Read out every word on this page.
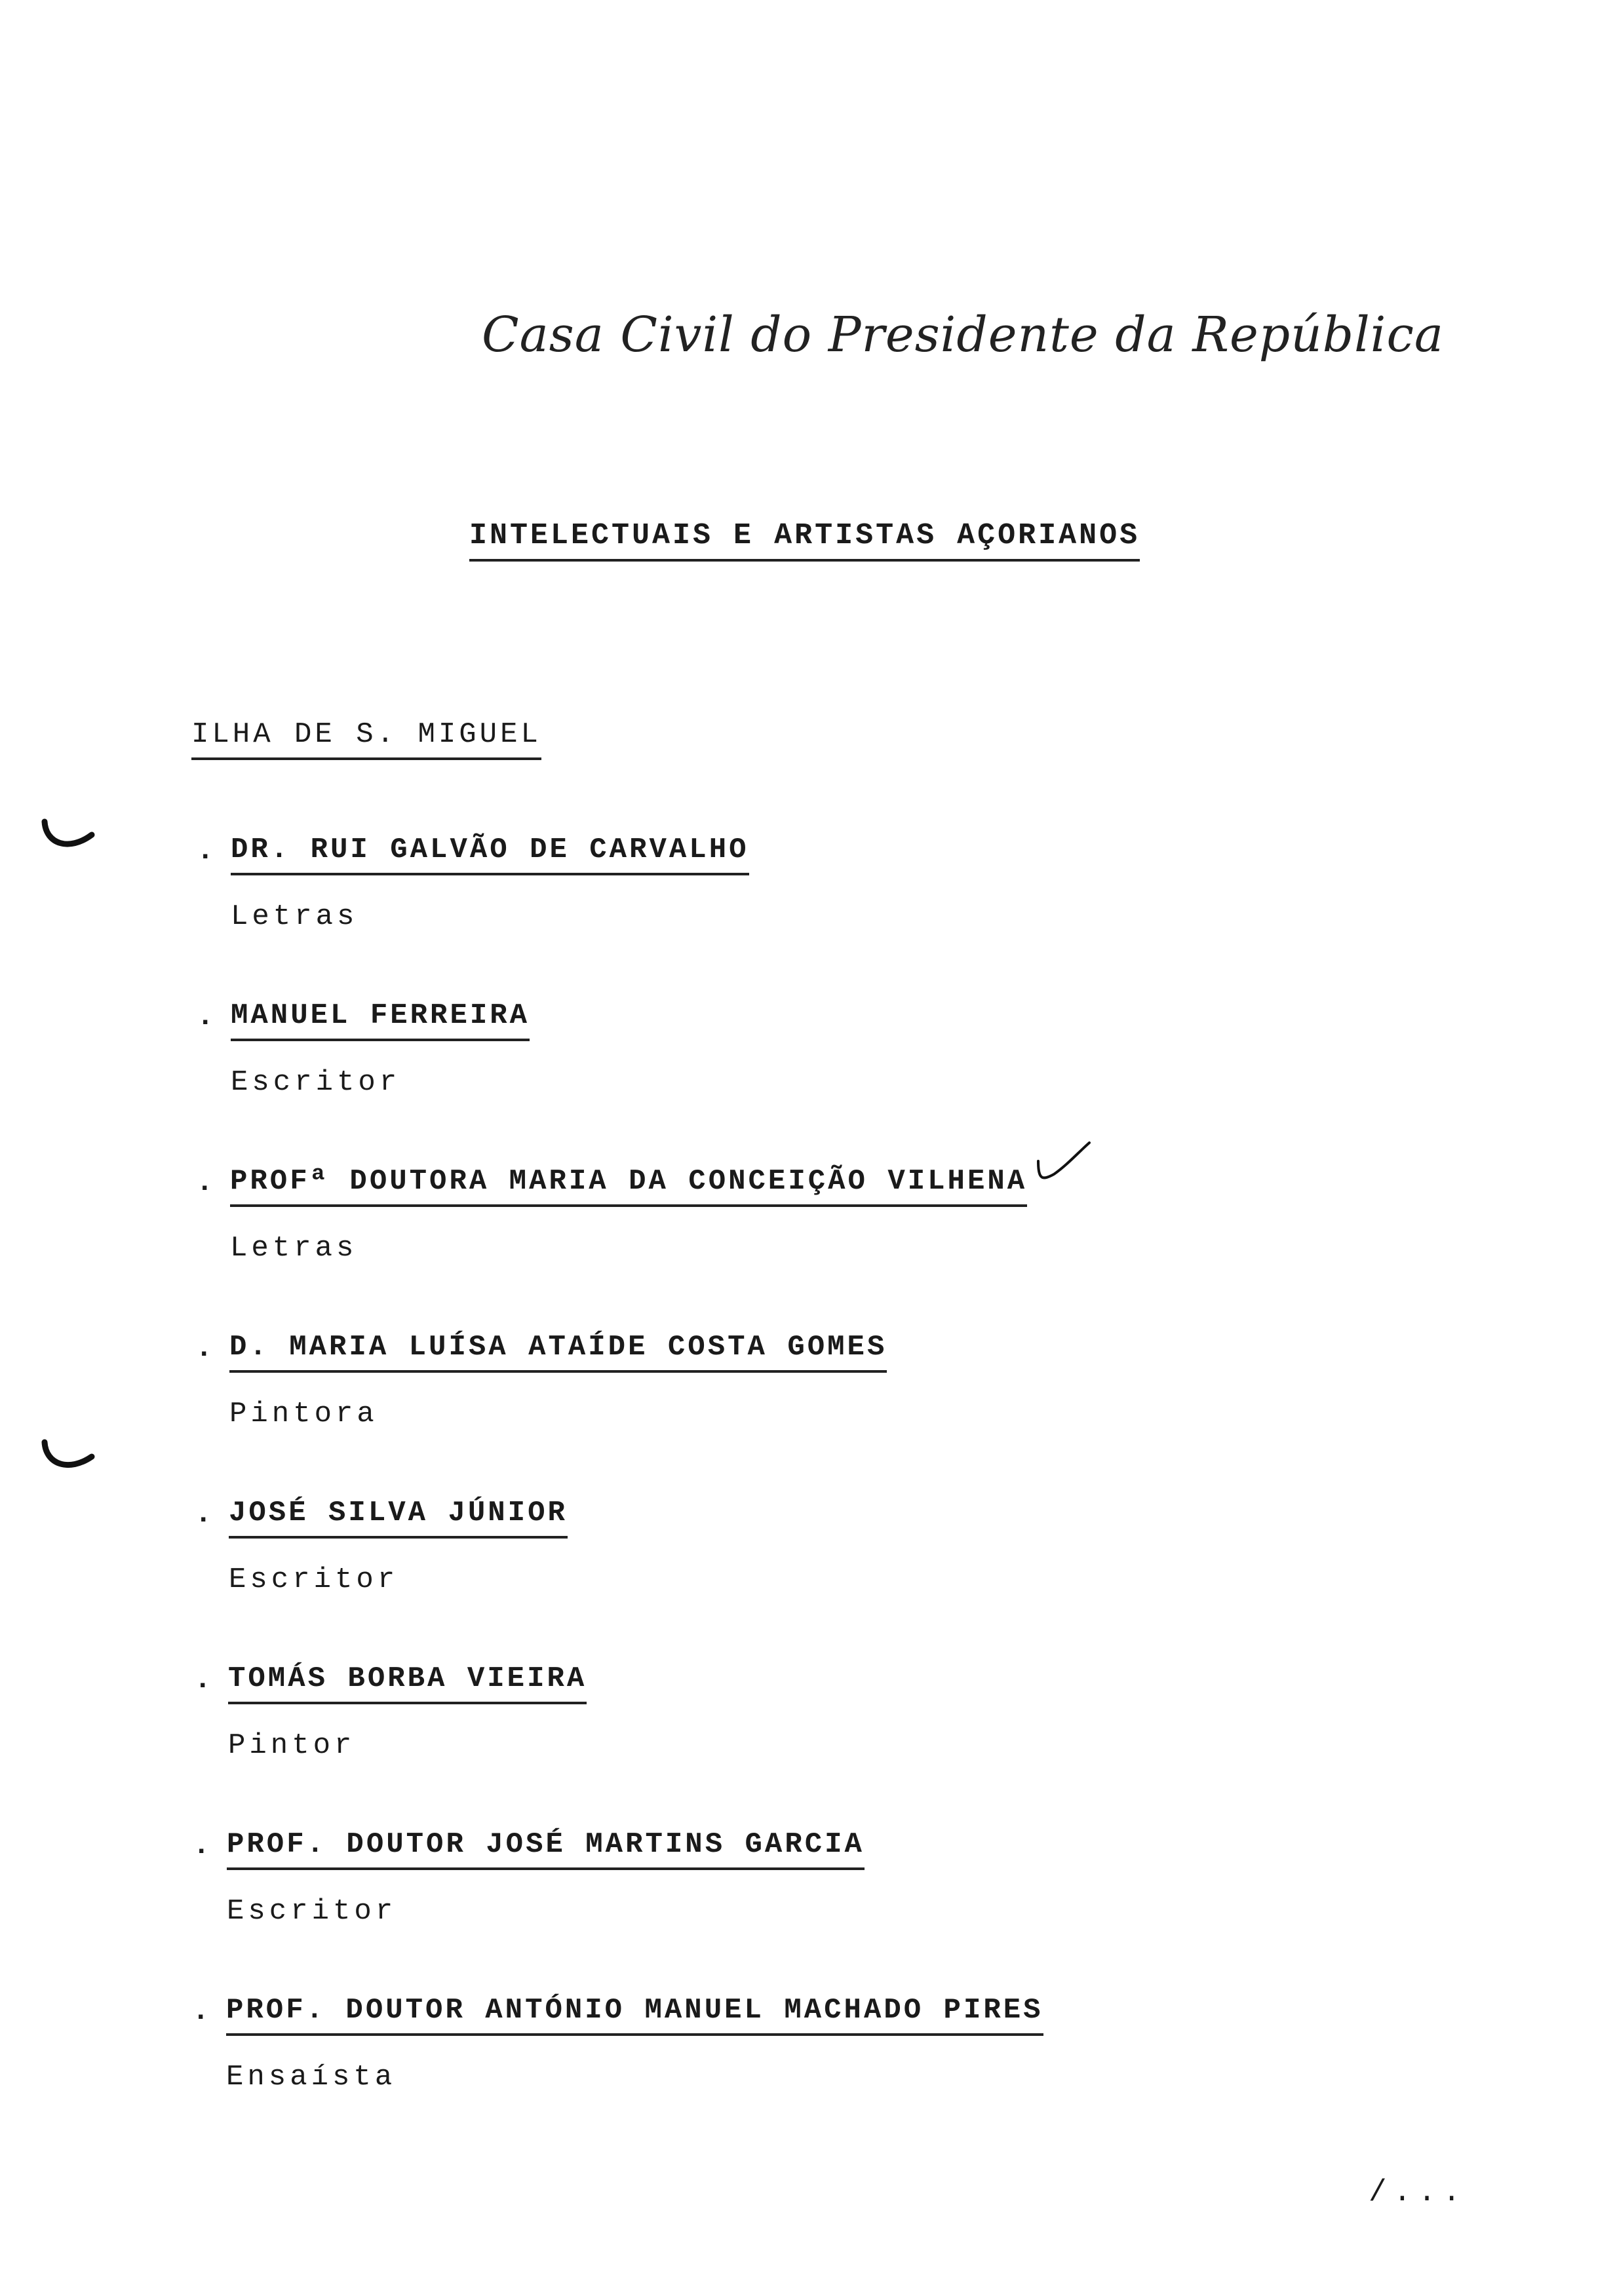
Casa Civil do Presidente da República
INTELECTUAIS E ARTISTAS AÇORIANOS
ILHA DE S. MIGUEL
. DR. RUI GALVÃO DE CARVALHO
Letras
. MANUEL FERREIRA
Escritor
. PROFª DOUTORA MARIA DA CONCEIÇÃO VILHENA
Letras
. D. MARIA LUÍSA ATAÍDE COSTA GOMES
Pintora
. JOSÉ SILVA JÚNIOR
Escritor
. TOMÁS BORBA VIEIRA
Pintor
. PROF. DOUTOR JOSÉ MARTINS GARCIA
Escritor
. PROF. DOUTOR ANTÓNIO MANUEL MACHADO PIRES
Ensaísta
/...
